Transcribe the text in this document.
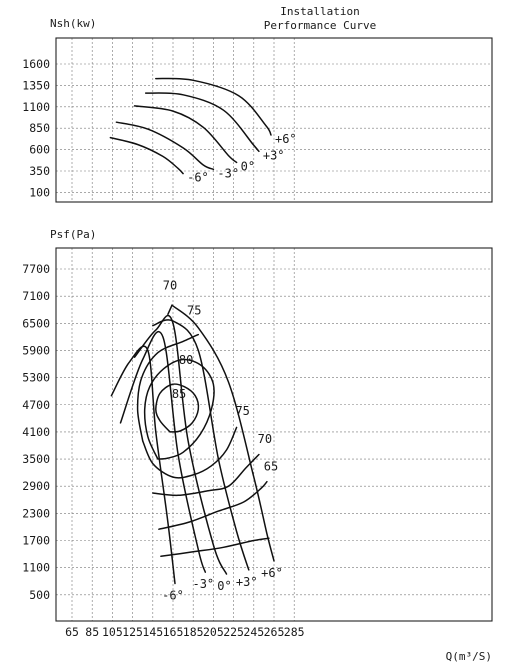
Installation
Performance Curve
Nsh(kw)
1600
1350
1100
850
600
350
100
-6° -3° 0°
+3°
+6°
Psf(Pa)
7700
7100
6500
5900
5300
4700
4100
3500
2900
2300
1700
1100
500
65 85 105 125 145 165 185 205 225 245 265 285
-6°
-3° 0° +3°
+6°
70
75
80
85
75
70
65
Q(m³/S)
